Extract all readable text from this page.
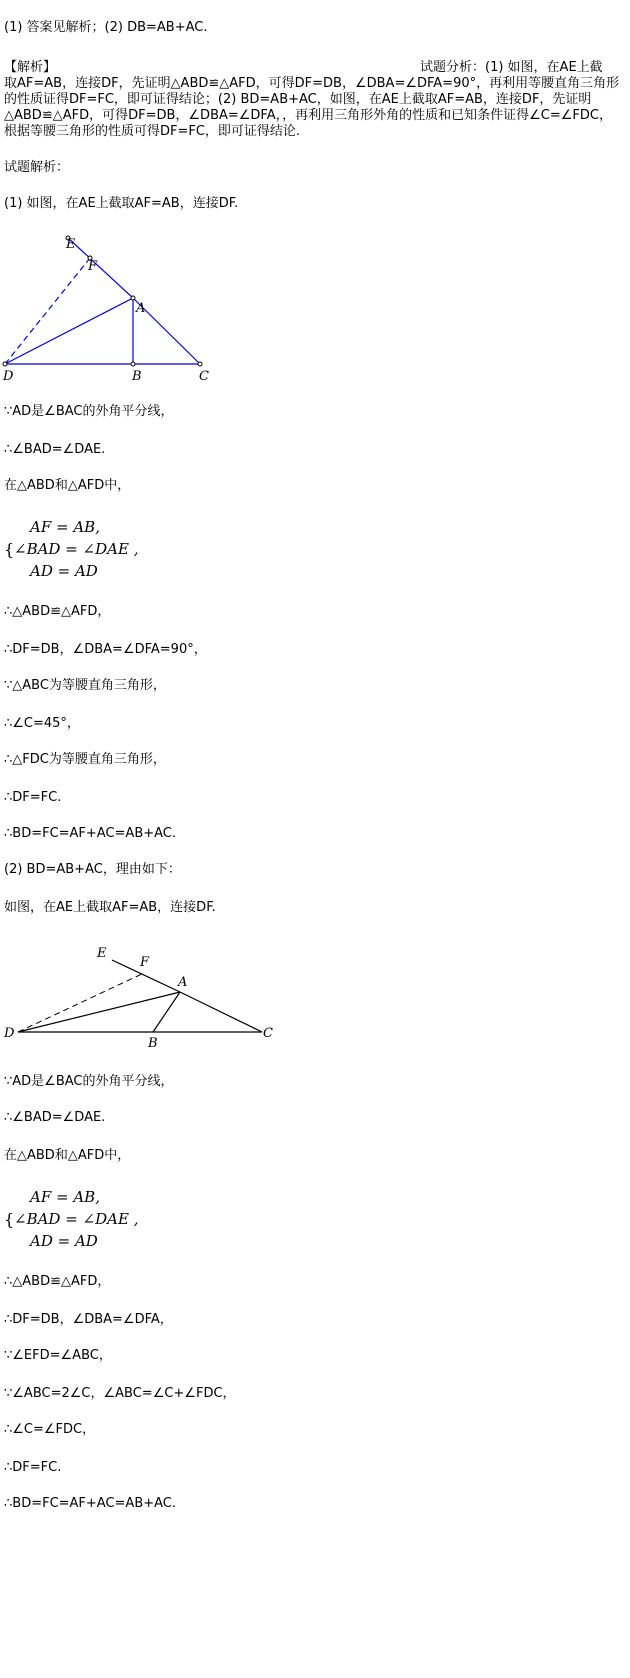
(1) 答案见解析；(2) DB=AB+AC.
【解析】	试题分析：(1) 如图，在AE上截
取AF=AB，连接DF，先证明△ABD≌△AFD，可得DF=DB，∠DBA=∠DFA=90°，再利用等腰直角三角形的性质证得DF=FC，即可证得结论；(2) BD=AB+AC，如图，在AE上截取AF=AB，连接DF，先证明△ABD≌△AFD，可得DF=DB，∠DBA=∠DFA，，再利用三角形外角的性质和已知条件证得∠C=∠FDC，根据等腰三角形的性质可得DF=FC，即可证得结论.
试题解析：
(1) 如图，在AE上截取AF=AB，连接DF.
E
F
A
D	B	C
∵AD是∠BAC的外角平分线，
∴∠BAD=∠DAE.
在△ABD和△AFD中，
{
AF = AB,
∠BAD = ∠DAE ,
AD = AD
∴△ABD≌△AFD，
∴DF=DB，∠DBA=∠DFA=90°，
∵△ABC为等腰直角三角形，
∴∠C=45°，
∴△FDC为等腰直角三角形，
∴DF=FC.
∴BD=FC=AF+AC=AB+AC.
(2) BD=AB+AC，理由如下：
如图，在AE上截取AF=AB，连接DF.
E
F
A
D
B
C
∵AD是∠BAC的外角平分线，
∴∠BAD=∠DAE.
在△ABD和△AFD中，
{
AF = AB,
∠BAD = ∠DAE ,
AD = AD
∴△ABD≌△AFD，
∴DF=DB，∠DBA=∠DFA，
∵∠EFD=∠ABC，
∵∠ABC=2∠C，∠ABC=∠C+∠FDC，
∴∠C=∠FDC，
∴DF=FC.
∴BD=FC=AF+AC=AB+AC.
